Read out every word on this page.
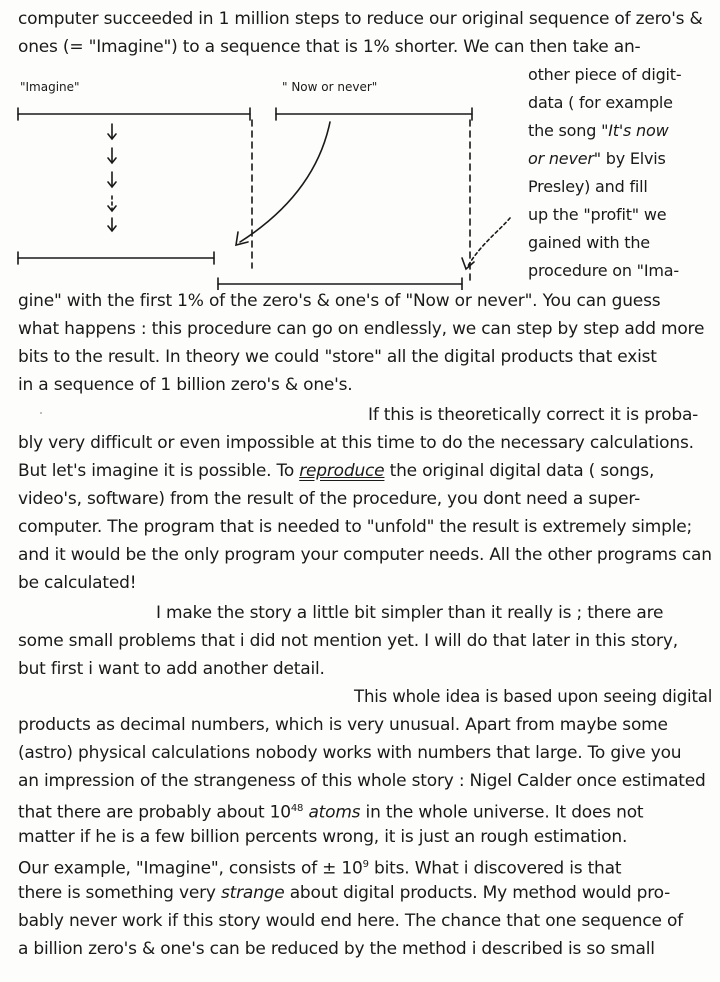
computer succeeded in 1 million steps to reduce our original sequence of zero's &
ones (= "Imagine") to a sequence that is 1% shorter. We can then take an-
"Imagine"	" Now or never"
other piece of digit-
data ( for example
the song "It's now
or never" by Elvis
Presley) and fill
up the "profit" we
gained with the
procedure on "Ima-
gine" with the first 1% of the zero's & one's of "Now or never". You can guess
what happens : this procedure can go on endlessly, we can step by step add more
bits to the result. In theory we could "store" all the digital products that exist
in a sequence of 1 billion zero's & one's.
If this is theoretically correct it is proba-
bly very difficult or even impossible at this time to do the necessary calculations.
But let's imagine it is possible. To reproduce the original digital data ( songs,
video's, software) from the result of the procedure, you dont need a super-
computer. The program that is needed to "unfold" the result is extremely simple;
and it would be the only program your computer needs. All the other programs can
be calculated!
I make the story a little bit simpler than it really is ; there are
some small problems that i did not mention yet. I will do that later in this story,
but first i want to add another detail.
This whole idea is based upon seeing digital
products as decimal numbers, which is very unusual. Apart from maybe some
(astro) physical calculations nobody works with numbers that large. To give you
an impression of the strangeness of this whole story : Nigel Calder once estimated
that there are probably about $10^{48}$ atoms in the whole universe. It does not
matter if he is a few billion percents wrong, it is just an rough estimation.
Our example, "Imagine", consists of ± $10^9$ bits. What i discovered is that
there is something very strange about digital products. My method would pro-
bably never work if this story would end here. The chance that one sequence of
a billion zero's & one's can be reduced by the method i described is so small
